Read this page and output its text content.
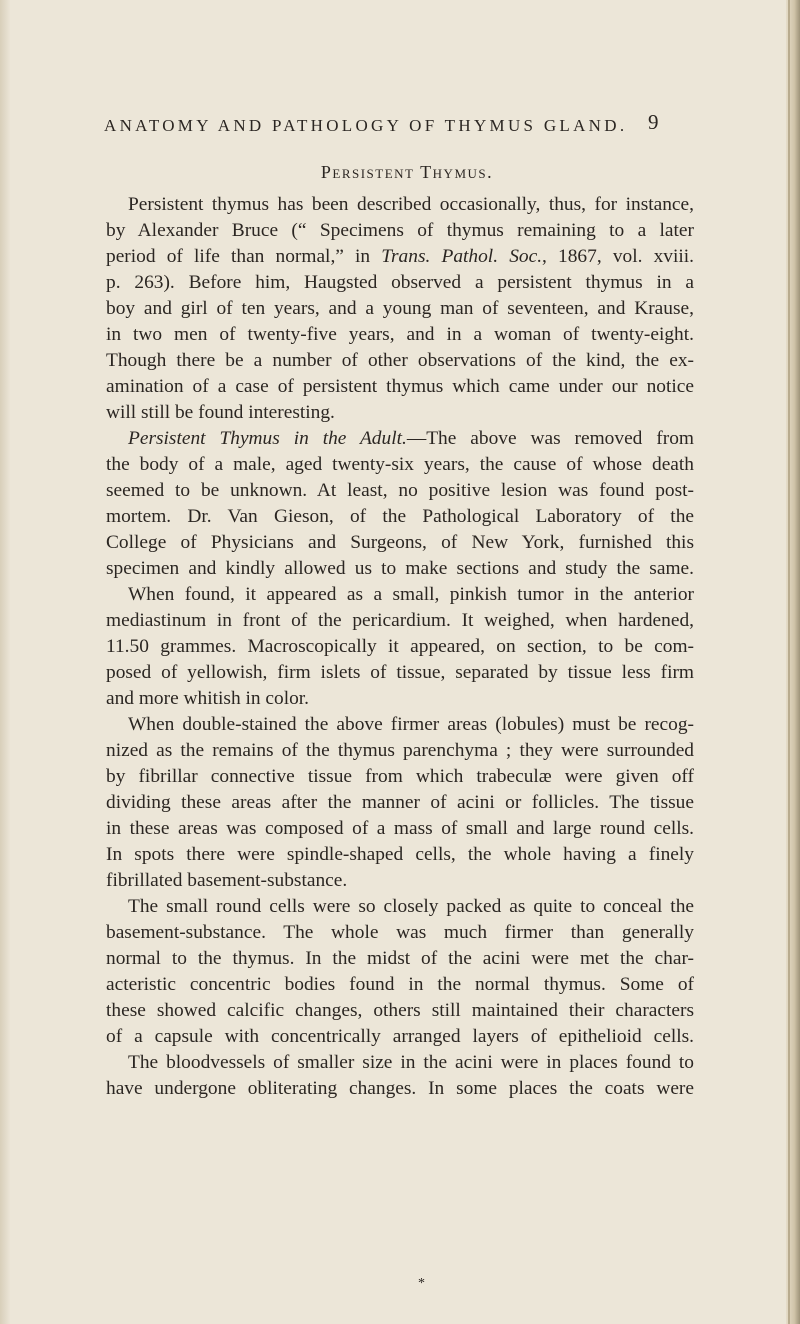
ANATOMY AND PATHOLOGY OF THYMUS GLAND. 9
Persistent Thymus.
Persistent thymus has been described occasionally, thus, for instance,
by Alexander Bruce (“ Specimens of thymus remaining to a later
period of life than normal,” in Trans. Pathol. Soc., 1867, vol. xviii.
p. 263). Before him, Haugsted observed a persistent thymus in a
boy and girl of ten years, and a young man of seventeen, and Krause,
in two men of twenty-five years, and in a woman of twenty-eight.
Though there be a number of other observations of the kind, the ex-
amination of a case of persistent thymus which came under our notice
will still be found interesting.
Persistent Thymus in the Adult.—The above was removed from
the body of a male, aged twenty-six years, the cause of whose death
seemed to be unknown. At least, no positive lesion was found post-
mortem. Dr. Van Gieson, of the Pathological Laboratory of the
College of Physicians and Surgeons, of New York, furnished this
specimen and kindly allowed us to make sections and study the same.
When found, it appeared as a small, pinkish tumor in the anterior
mediastinum in front of the pericardium. It weighed, when hardened,
11.50 grammes. Macroscopically it appeared, on section, to be com-
posed of yellowish, firm islets of tissue, separated by tissue less firm
and more whitish in color.
When double-stained the above firmer areas (lobules) must be recog-
nized as the remains of the thymus parenchyma ; they were surrounded
by fibrillar connective tissue from which trabeculæ were given off
dividing these areas after the manner of acini or follicles. The tissue
in these areas was composed of a mass of small and large round cells.
In spots there were spindle-shaped cells, the whole having a finely
fibrillated basement-substance.
The small round cells were so closely packed as quite to conceal the
basement-substance. The whole was much firmer than generally
normal to the thymus. In the midst of the acini were met the char-
acteristic concentric bodies found in the normal thymus. Some of
these showed calcific changes, others still maintained their characters
of a capsule with concentrically arranged layers of epithelioid cells.
The bloodvessels of smaller size in the acini were in places found to
have undergone obliterating changes. In some places the coats were
*
